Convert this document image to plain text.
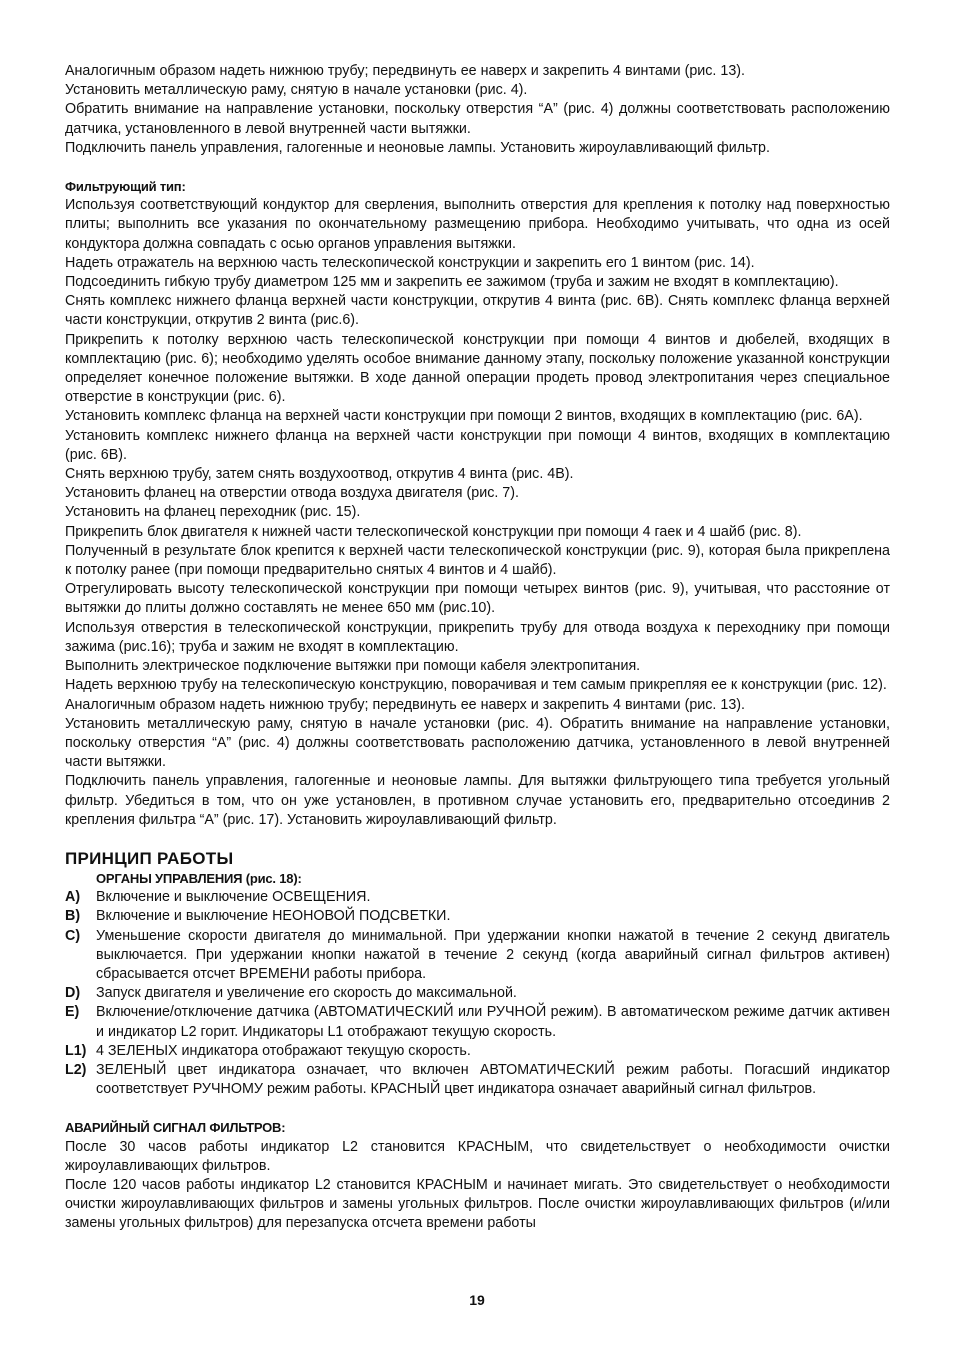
Аналогичным образом надеть нижнюю трубу; передвинуть ее наверх и закрепить 4 винтами (рис. 13).

Установить металлическую раму, снятую в начале установки (рис. 4).

Обратить внимание на направление установки, поскольку отверстия “A” (рис. 4) должны соответствовать расположению датчика, установленного в левой внутренней части вытяжки.

Подключить панель управления, галогенные и неоновые лампы. Установить жироулавливающий фильтр.

Фильтрующий тип:

Используя соответствующий кондуктор для сверления, выполнить отверстия для крепления к потолку над поверхностью плиты; выполнить все указания по окончательному размещению прибора. Необходимо учитывать, что одна из осей кондуктора должна совпадать с осью органов управления вытяжки.

Надеть отражатель на верхнюю часть телескопической конструкции и закрепить его 1 винтом (рис. 14).

Подсоединить гибкую трубу диаметром 125 мм и закрепить ее зажимом (труба и зажим не входят в комплектацию).

Снять комплекс нижнего фланца верхней части конструкции, открутив 4 винта (рис. 6B). Снять комплекс фланца верхней части конструкции, открутив 2 винта (рис.6).

Прикрепить к потолку верхнюю часть телескопической конструкции при помощи 4 винтов и дюбелей, входящих в комплектацию (рис. 6); необходимо уделять особое внимание данному этапу, поскольку положение указанной конструкции определяет конечное положение вытяжки. В ходе данной операции продеть провод электропитания через специальное отверстие в конструкции (рис. 6).

Установить комплекс фланца на верхней части конструкции при помощи 2 винтов, входящих в комплектацию (рис. 6A).

Установить комплекс нижнего фланца на верхней части конструкции при помощи 4 винтов, входящих в комплектацию (рис. 6B).

Снять верхнюю трубу, затем снять воздухоотвод, открутив 4 винта (рис. 4B).

Установить фланец на отверстии отвода воздуха двигателя (рис. 7).

Установить на фланец переходник (рис. 15).

Прикрепить блок двигателя к нижней части телескопической конструкции при помощи 4 гаек и 4 шайб (рис. 8).

Полученный в результате блок крепится к верхней части телескопической конструкции (рис. 9), которая была прикреплена к потолку ранее (при помощи предварительно снятых 4 винтов и 4 шайб).

Отрегулировать высоту телескопической конструкции при помощи четырех винтов (рис. 9), учитывая, что расстояние от вытяжки до плиты должно составлять не менее 650 мм (рис.10).

Используя отверстия в телескопической конструкции, прикрепить трубу для отвода воздуха к переходнику при помощи зажима (рис.16); труба и зажим не входят в комплектацию.

Выполнить электрическое подключение вытяжки при помощи кабеля электропитания.

Надеть верхнюю трубу на телескопическую конструкцию, поворачивая и тем самым прикрепляя ее к конструкции (рис. 12).

Аналогичным образом надеть нижнюю трубу; передвинуть ее наверх и закрепить 4 винтами (рис. 13).

Установить металлическую раму, снятую в начале установки (рис. 4). Обратить внимание на направление установки, поскольку отверстия “A” (рис. 4) должны соответствовать расположению датчика, установленного в левой внутренней части вытяжки.

Подключить панель управления, галогенные и неоновые лампы. Для вытяжки фильтрующего типа требуется угольный фильтр. Убедиться в том, что он уже установлен, в противном случае установить его, предварительно отсоединив 2 крепления фильтра “A” (рис. 17). Установить жироулавливающий фильтр.

ПРИНЦИП РАБОТЫ

ОРГАНЫ УПРАВЛЕНИЯ (рис. 18):

A)	Включение и выключение ОСВЕЩЕНИЯ.
B)	Включение и выключение НЕОНОВОЙ ПОДСВЕТКИ.
C)	Уменьшение скорости двигателя до минимальной. При удержании кнопки нажатой в течение 2 секунд двигатель выключается. При удержании кнопки нажатой в течение 2 секунд (когда аварийный сигнал фильтров активен) сбрасывается отсчет ВРЕМЕНИ работы прибора.
D)	Запуск двигателя и увеличение его скорость до максимальной.
E)	Включение/отключение датчика (АВТОМАТИЧЕСКИЙ или РУЧНОЙ режим). В автоматическом режиме датчик активен и индикатор L2 горит. Индикаторы L1 отображают текущую скорость.
L1) 4 ЗЕЛЕНЫХ индикатора отображают текущую скорость.
L2) ЗЕЛЕНЫЙ цвет индикатора означает, что включен АВТОМАТИЧЕСКИЙ режим работы. Погасший индикатор соответствует РУЧНОМУ режим работы. КРАСНЫЙ цвет индикатора означает аварийный сигнал фильтров.

АВАРИЙНЫЙ СИГНАЛ ФИЛЬТРОВ:

После 30 часов работы индикатор L2 становится КРАСНЫМ, что свидетельствует о необходимости очистки жироулавливающих фильтров.

После 120 часов работы индикатор L2 становится КРАСНЫМ и начинает мигать. Это свидетельствует о необходимости очистки жироулавливающих фильтров и замены угольных фильтров. После очистки жироулавливающих фильтров (и/или замены угольных фильтров) для перезапуска отсчета времени работы

19
